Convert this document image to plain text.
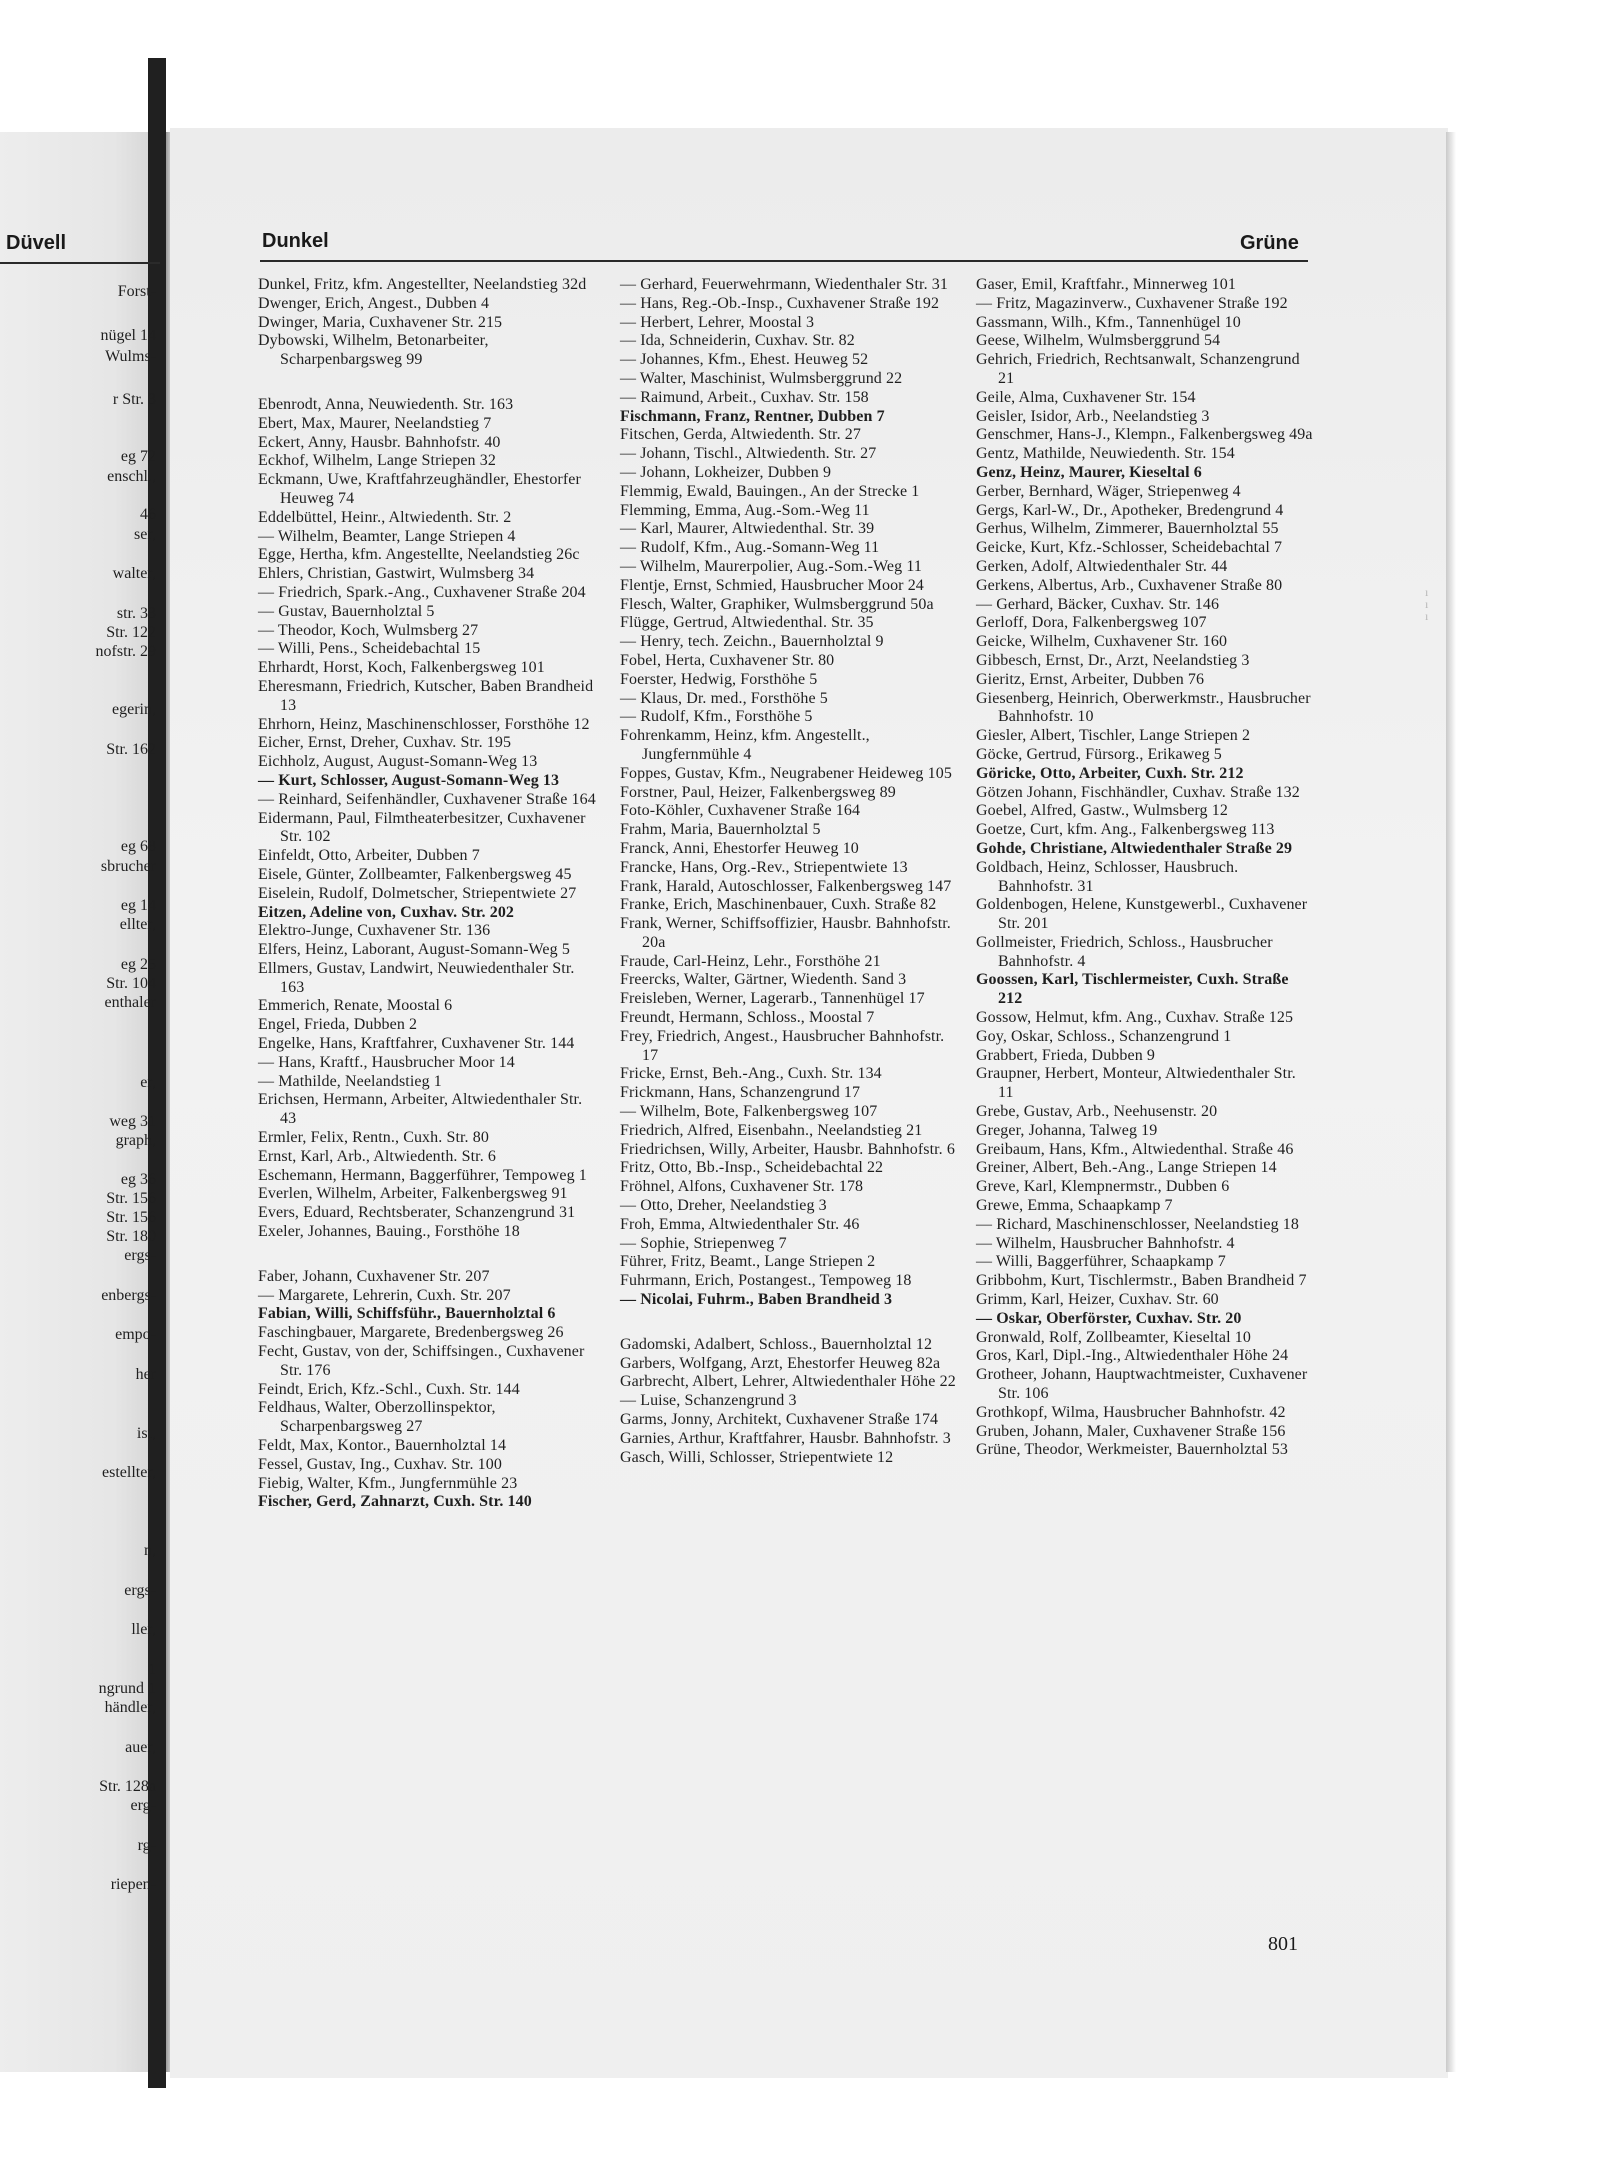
Düvell
Forst-
nügel 14
Wulms-
r Str. 3
eg 72
enschl.,
46
ser,
walter,
str. 33
Str. 122
nofstr. 29
egerin,
Str. 162
eg 68
sbrucher
eg 14
ellter,
eg 25
Str. 104
enthaler
er,
weg 31
graph,
eg 36
Str. 156
Str. 156
Str. 180
ergs-
enbergs-
empo-
her
ist,
estellter,
n,
ergs-
ller,
1
ngrund 1
händler,
auer,
Str. 128a
erg-
rg-
riepen-
Dunkel	Grüne

Dunkel, Fritz, kfm. Angestellter, Neelandstieg 32d

Dwenger, Erich, Angest., Dubben 4

Dwinger, Maria, Cuxhavener Str. 215

Dybowski, Wilhelm, Betonarbeiter, Scharpenbargsweg 99

Ebenrodt, Anna, Neuwiedenth. Str. 163

Ebert, Max, Maurer, Neelandstieg 7

Eckert, Anny, Hausbr. Bahnhofstr. 40

Eckhof, Wilhelm, Lange Striepen 32

Eckmann, Uwe, Kraftfahrzeughändler, Ehestorfer Heuweg 74

Eddelbüttel, Heinr., Altwiedenth. Str. 2

— Wilhelm, Beamter, Lange Striepen 4

Egge, Hertha, kfm. Angestellte, Neelandstieg 26c

Ehlers, Christian, Gastwirt, Wulmsberg 34

— Friedrich, Spark.-Ang., Cuxhavener Straße 204

— Gustav, Bauernholztal 5

— Theodor, Koch, Wulmsberg 27

— Willi, Pens., Scheidebachtal 15

Ehrhardt, Horst, Koch, Falkenbergsweg 101

Eheresmann, Friedrich, Kutscher, Baben Brandheid 13

Ehrhorn, Heinz, Maschinenschlosser, Forsthöhe 12

Eicher, Ernst, Dreher, Cuxhav. Str. 195

Eichholz, August, August-Somann-Weg 13

— Kurt, Schlosser, August-Somann-Weg 13

— Reinhard, Seifenhändler, Cuxhavener Straße 164

Eidermann, Paul, Filmtheaterbesitzer, Cuxhavener Str. 102

Einfeldt, Otto, Arbeiter, Dubben 7

Eisele, Günter, Zollbeamter, Falkenbergsweg 45

Eiselein, Rudolf, Dolmetscher, Striepentwiete 27

Eitzen, Adeline von, Cuxhav. Str. 202

Elektro-Junge, Cuxhavener Str. 136

Elfers, Heinz, Laborant, August-Somann-Weg 5

Ellmers, Gustav, Landwirt, Neuwiedenthaler Str. 163

Emmerich, Renate, Moostal 6

Engel, Frieda, Dubben 2

Engelke, Hans, Kraftfahrer, Cuxhavener Str. 144

— Hans, Kraftf., Hausbrucher Moor 14

— Mathilde, Neelandstieg 1

Erichsen, Hermann, Arbeiter, Altwiedenthaler Str. 43

Ermler, Felix, Rentn., Cuxh. Str. 80

Ernst, Karl, Arb., Altwiedenth. Str. 6

Eschemann, Hermann, Baggerführer, Tempoweg 1

Everlen, Wilhelm, Arbeiter, Falkenbergsweg 91

Evers, Eduard, Rechtsberater, Schanzengrund 31

Exeler, Johannes, Bauing., Forsthöhe 18

Faber, Johann, Cuxhavener Str. 207

— Margarete, Lehrerin, Cuxh. Str. 207

Fabian, Willi, Schiffsführ., Bauernholztal 6

Faschingbauer, Margarete, Bredenbergsweg 26

Fecht, Gustav, von der, Schiffsingen., Cuxhavener Str. 176

Feindt, Erich, Kfz.-Schl., Cuxh. Str. 144

Feldhaus, Walter, Oberzollinspektor, Scharpenbargsweg 27

Feldt, Max, Kontor., Bauernholztal 14

Fessel, Gustav, Ing., Cuxhav. Str. 100

Fiebig, Walter, Kfm., Jungfernmühle 23

Fischer, Gerd, Zahnarzt, Cuxh. Str. 140

— Gerhard, Feuerwehrmann, Wiedenthaler Str. 31

— Hans, Reg.-Ob.-Insp., Cuxhavener Straße 192

— Herbert, Lehrer, Moostal 3

— Ida, Schneiderin, Cuxhav. Str. 82

— Johannes, Kfm., Ehest. Heuweg 52

— Walter, Maschinist, Wulmsberggrund 22

— Raimund, Arbeit., Cuxhav. Str. 158

Fischmann, Franz, Rentner, Dubben 7

Fitschen, Gerda, Altwiedenth. Str. 27

— Johann, Tischl., Altwiedenth. Str. 27

— Johann, Lokheizer, Dubben 9

Flemmig, Ewald, Bauingen., An der Strecke 1

Flemming, Emma, Aug.-Som.-Weg 11

— Karl, Maurer, Altwiedenthal. Str. 39

— Rudolf, Kfm., Aug.-Somann-Weg 11

— Wilhelm, Maurerpolier, Aug.-Som.-Weg 11

Flentje, Ernst, Schmied, Hausbrucher Moor 24

Flesch, Walter, Graphiker, Wulmsberggrund 50a

Flügge, Gertrud, Altwiedenthal. Str. 35

— Henry, tech. Zeichn., Bauernholztal 9

Fobel, Herta, Cuxhavener Str. 80

Foerster, Hedwig, Forsthöhe 5

— Klaus, Dr. med., Forsthöhe 5

— Rudolf, Kfm., Forsthöhe 5

Fohrenkamm, Heinz, kfm. Angestellt., Jungfernmühle 4

Foppes, Gustav, Kfm., Neugrabener Heideweg 105

Forstner, Paul, Heizer, Falkenbergsweg 89

Foto-Köhler, Cuxhavener Straße 164

Frahm, Maria, Bauernholztal 5

Franck, Anni, Ehestorfer Heuweg 10

Francke, Hans, Org.-Rev., Striepentwiete 13

Frank, Harald, Autoschlosser, Falkenbergsweg 147

Franke, Erich, Maschinenbauer, Cuxh. Straße 82

Frank, Werner, Schiffsoffizier, Hausbr. Bahnhofstr. 20a

Fraude, Carl-Heinz, Lehr., Forsthöhe 21

Freercks, Walter, Gärtner, Wiedenth. Sand 3

Freisleben, Werner, Lagerarb., Tannenhügel 17

Freundt, Hermann, Schloss., Moostal 7

Frey, Friedrich, Angest., Hausbrucher Bahnhofstr. 17

Fricke, Ernst, Beh.-Ang., Cuxh. Str. 134

Frickmann, Hans, Schanzengrund 17

— Wilhelm, Bote, Falkenbergsweg 107

Friedrich, Alfred, Eisenbahn., Neelandstieg 21

Friedrichsen, Willy, Arbeiter, Hausbr. Bahnhofstr. 6

Fritz, Otto, Bb.-Insp., Scheidebachtal 22

Fröhnel, Alfons, Cuxhavener Str. 178

— Otto, Dreher, Neelandstieg 3

Froh, Emma, Altwiedenthaler Str. 46

— Sophie, Striepenweg 7

Führer, Fritz, Beamt., Lange Striepen 2

Fuhrmann, Erich, Postangest., Tempoweg 18

— Nicolai, Fuhrm., Baben Brandheid 3

Gadomski, Adalbert, Schloss., Bauernholztal 12

Garbers, Wolfgang, Arzt, Ehestorfer Heuweg 82a

Garbrecht, Albert, Lehrer, Altwiedenthaler Höhe 22

— Luise, Schanzengrund 3

Garms, Jonny, Architekt, Cuxhavener Straße 174

Garnies, Arthur, Kraftfahrer, Hausbr. Bahnhofstr. 3

Gasch, Willi, Schlosser, Striepentwiete 12

Gaser, Emil, Kraftfahr., Minnerweg 101

— Fritz, Magazinverw., Cuxhavener Straße 192

Gassmann, Wilh., Kfm., Tannenhügel 10

Geese, Wilhelm, Wulmsberggrund 54

Gehrich, Friedrich, Rechtsanwalt, Schanzengrund 21

Geile, Alma, Cuxhavener Str. 154

Geisler, Isidor, Arb., Neelandstieg 3

Genschmer, Hans-J., Klempn., Falkenbergsweg 49a

Gentz, Mathilde, Neuwiedenth. Str. 154

Genz, Heinz, Maurer, Kieseltal 6

Gerber, Bernhard, Wäger, Striepenweg 4

Gergs, Karl-W., Dr., Apotheker, Bredengrund 4

Gerhus, Wilhelm, Zimmerer, Bauernholztal 55

Geicke, Kurt, Kfz.-Schlosser, Scheidebachtal 7

Gerken, Adolf, Altwiedenthaler Str. 44

Gerkens, Albertus, Arb., Cuxhavener Straße 80

— Gerhard, Bäcker, Cuxhav. Str. 146

Gerloff, Dora, Falkenbergsweg 107

Geicke, Wilhelm, Cuxhavener Str. 160

Gibbesch, Ernst, Dr., Arzt, Neelandstieg 3

Gieritz, Ernst, Arbeiter, Dubben 76

Giesenberg, Heinrich, Oberwerkmstr., Hausbrucher Bahnhofstr. 10

Giesler, Albert, Tischler, Lange Striepen 2

Göcke, Gertrud, Fürsorg., Erikaweg 5

Göricke, Otto, Arbeiter, Cuxh. Str. 212

Götzen Johann, Fischhändler, Cuxhav. Straße 132

Goebel, Alfred, Gastw., Wulmsberg 12

Goetze, Curt, kfm. Ang., Falkenbergsweg 113

Gohde, Christiane, Altwiedenthaler Straße 29

Goldbach, Heinz, Schlosser, Hausbruch. Bahnhofstr. 31

Goldenbogen, Helene, Kunstgewerbl., Cuxhavener Str. 201

Gollmeister, Friedrich, Schloss., Hausbrucher Bahnhofstr. 4

Goossen, Karl, Tischlermeister, Cuxh. Straße 212

Gossow, Helmut, kfm. Ang., Cuxhav. Straße 125

Goy, Oskar, Schloss., Schanzengrund 1

Grabbert, Frieda, Dubben 9

Graupner, Herbert, Monteur, Altwiedenthaler Str. 11

Grebe, Gustav, Arb., Neehusenstr. 20

Greger, Johanna, Talweg 19

Greibaum, Hans, Kfm., Altwiedenthal. Straße 46

Greiner, Albert, Beh.-Ang., Lange Striepen 14

Greve, Karl, Klempnermstr., Dubben 6

Grewe, Emma, Schaapkamp 7

— Richard, Maschinenschlosser, Neelandstieg 18

— Wilhelm, Hausbrucher Bahnhofstr. 4

— Willi, Baggerführer, Schaapkamp 7

Gribbohm, Kurt, Tischlermstr., Baben Brandheid 7

Grimm, Karl, Heizer, Cuxhav. Str. 60

— Oskar, Oberförster, Cuxhav. Str. 20

Gronwald, Rolf, Zollbeamter, Kieseltal 10

Gros, Karl, Dipl.-Ing., Altwiedenthaler Höhe 24

Grotheer, Johann, Hauptwachtmeister, Cuxhavener Str. 106

Grothkopf, Wilma, Hausbrucher Bahnhofstr. 42

Gruben, Johann, Maler, Cuxhavener Straße 156

Grüne, Theodor, Werkmeister, Bauernholztal 53

ı
ı
ı
801
